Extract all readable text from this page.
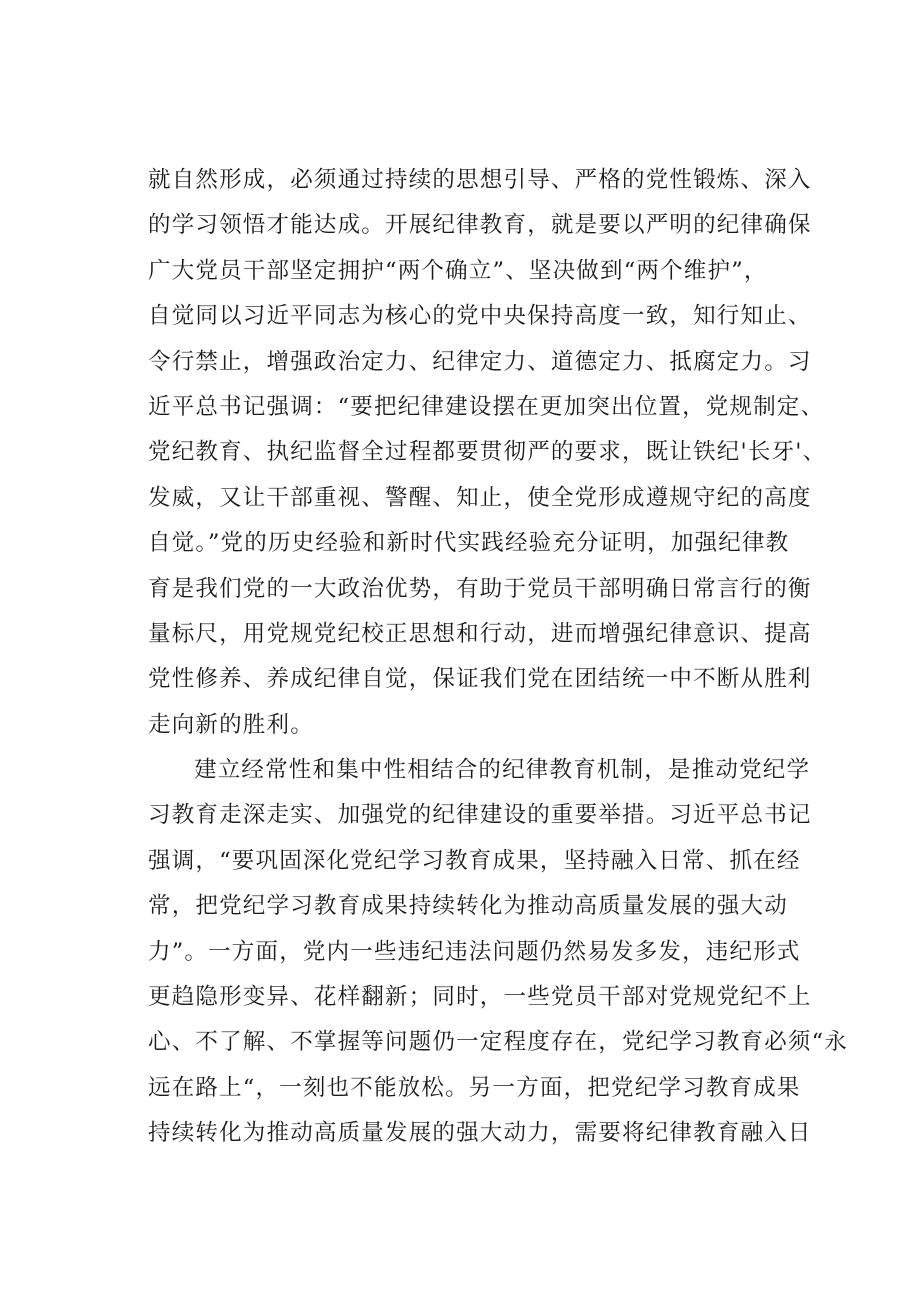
就自然形成，必须通过持续的思想引导、严格的党性锻炼、深入
的学习领悟才能达成。开展纪律教育，就是要以严明的纪律确保
广大党员干部坚定拥护“两个确立”、坚决做到“两个维护”，
自觉同以习近平同志为核心的党中央保持高度一致，知行知止、
令行禁止，增强政治定力、纪律定力、道德定力、抵腐定力。习
近平总书记强调：“要把纪律建设摆在更加突出位置，党规制定、
党纪教育、执纪监督全过程都要贯彻严的要求，既让铁纪'长牙'、
发威，又让干部重视、警醒、知止，使全党形成遵规守纪的高度
自觉。”党的历史经验和新时代实践经验充分证明，加强纪律教
育是我们党的一大政治优势，有助于党员干部明确日常言行的衡
量标尺，用党规党纪校正思想和行动，进而增强纪律意识、提高
党性修养、养成纪律自觉，保证我们党在团结统一中不断从胜利
走向新的胜利。
建立经常性和集中性相结合的纪律教育机制，是推动党纪学
习教育走深走实、加强党的纪律建设的重要举措。习近平总书记
强调，“要巩固深化党纪学习教育成果，坚持融入日常、抓在经
常，把党纪学习教育成果持续转化为推动高质量发展的强大动
力”。一方面，党内一些违纪违法问题仍然易发多发，违纪形式
更趋隐形变异、花样翻新；同时，一些党员干部对党规党纪不上
心、不了解、不掌握等问题仍一定程度存在，党纪学习教育必须“永
远在路上“，一刻也不能放松。另一方面，把党纪学习教育成果
持续转化为推动高质量发展的强大动力，需要将纪律教育融入日
